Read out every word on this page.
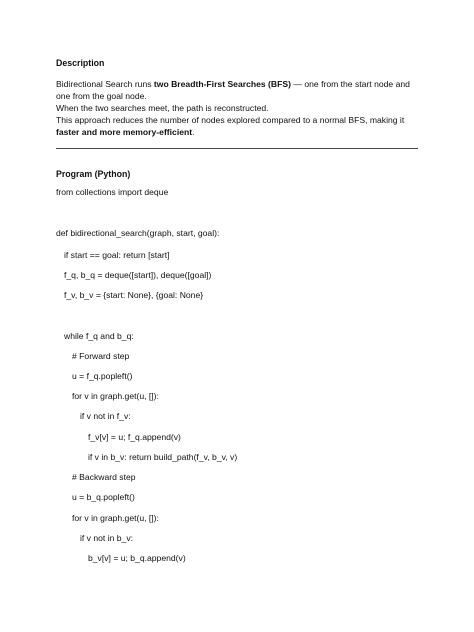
Description
Bidirectional Search runs two Breadth-First Searches (BFS) — one from the start node and one from the goal node.
When the two searches meet, the path is reconstructed.
This approach reduces the number of nodes explored compared to a normal BFS, making it faster and more memory-efficient.
Program (Python)
from collections import deque
def bidirectional_search(graph, start, goal):
if start == goal: return [start]
f_q, b_q = deque([start]), deque([goal])
f_v, b_v = {start: None}, {goal: None}
while f_q and b_q:
# Forward step
u = f_q.popleft()
for v in graph.get(u, []):
if v not in f_v:
f_v[v] = u; f_q.append(v)
if v in b_v: return build_path(f_v, b_v, v)
# Backward step
u = b_q.popleft()
for v in graph.get(u, []):
if v not in b_v:
b_v[v] = u; b_q.append(v)
